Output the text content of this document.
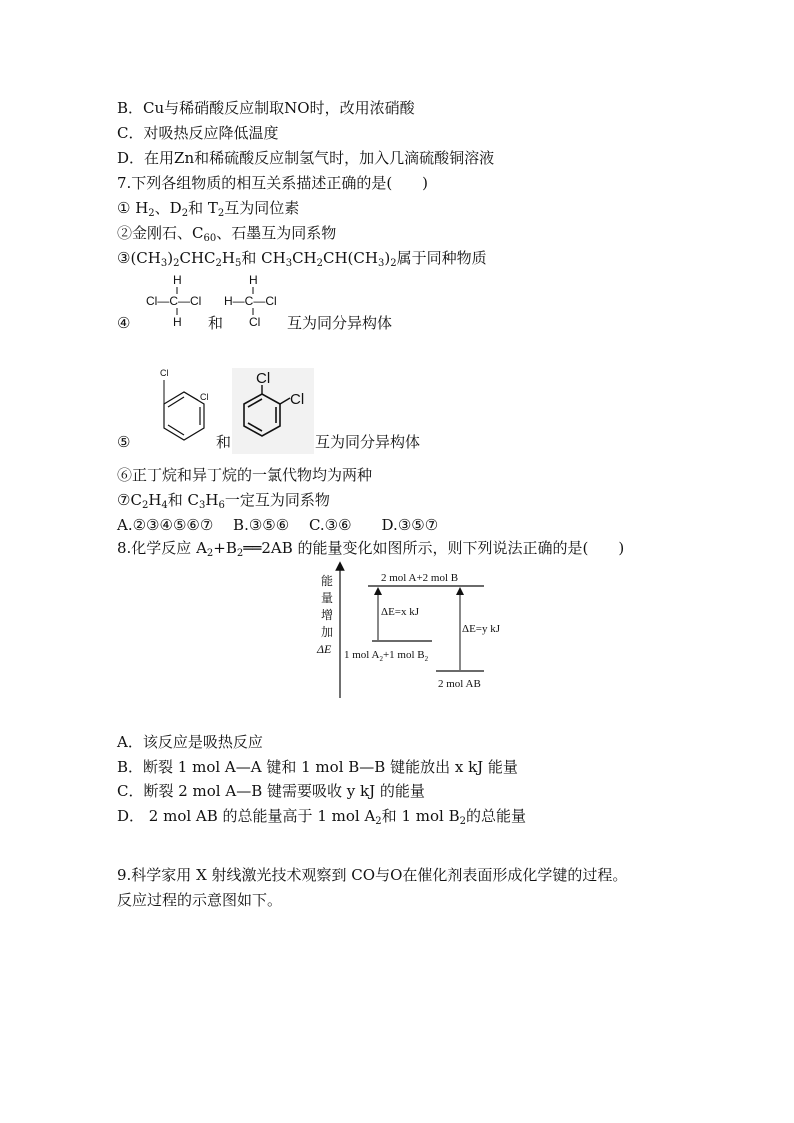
B．Cu与稀硝酸反应制取NO时，改用浓硝酸
C．对吸热反应降低温度
D．在用Zn和稀硫酸反应制氢气时，加入几滴硫酸铜溶液
7.下列各组物质的相互关系描述正确的是(　　)
① $H_2$、$D_2$和 $T_2$互为同位素
②金刚石、$C_{60}$、石墨互为同系物
$③(CH_3)_2CHC_2H_5$和 $CH_3CH_2CH(CH_3)_2$属于同种物质
H
Cl—C—Cl
H
H
H—C—Cl
Cl
④	和	互为同分异构体
⑤
Cl
Cl
和
Cl
Cl
互为同分异构体
⑥正丁烷和异丁烷的一氯代物均为两种
$⑦C_2H_4$和 $C_3H_6$一定互为同系物
A.②③④⑤⑥⑦　 B.③⑤⑥　 C.③⑥　　D.③⑤⑦
8.化学反应 $A_2+B_2══2AB$ 的能量变化如图所示，则下列说法正确的是(　　)
能
量
增
加
ΔE
2 mol A+2 mol B
1 mol $A_2+1$ mol $B_2$
2 mol AB
ΔE=x kJ
ΔE=y kJ
A．该反应是吸热反应
B．断裂 1 mol A—A 键和 1 mol B—B 键能放出 x kJ 能量
C．断裂 2 mol A—B 键需要吸收 y kJ 的能量
D． 2 mol AB 的总能量高于 1 mol $A_2$和 1 mol $B_2$的总能量
9.科学家用 X 射线激光技术观察到 CO与O在催化剂表面形成化学键的过程。
反应过程的示意图如下。
